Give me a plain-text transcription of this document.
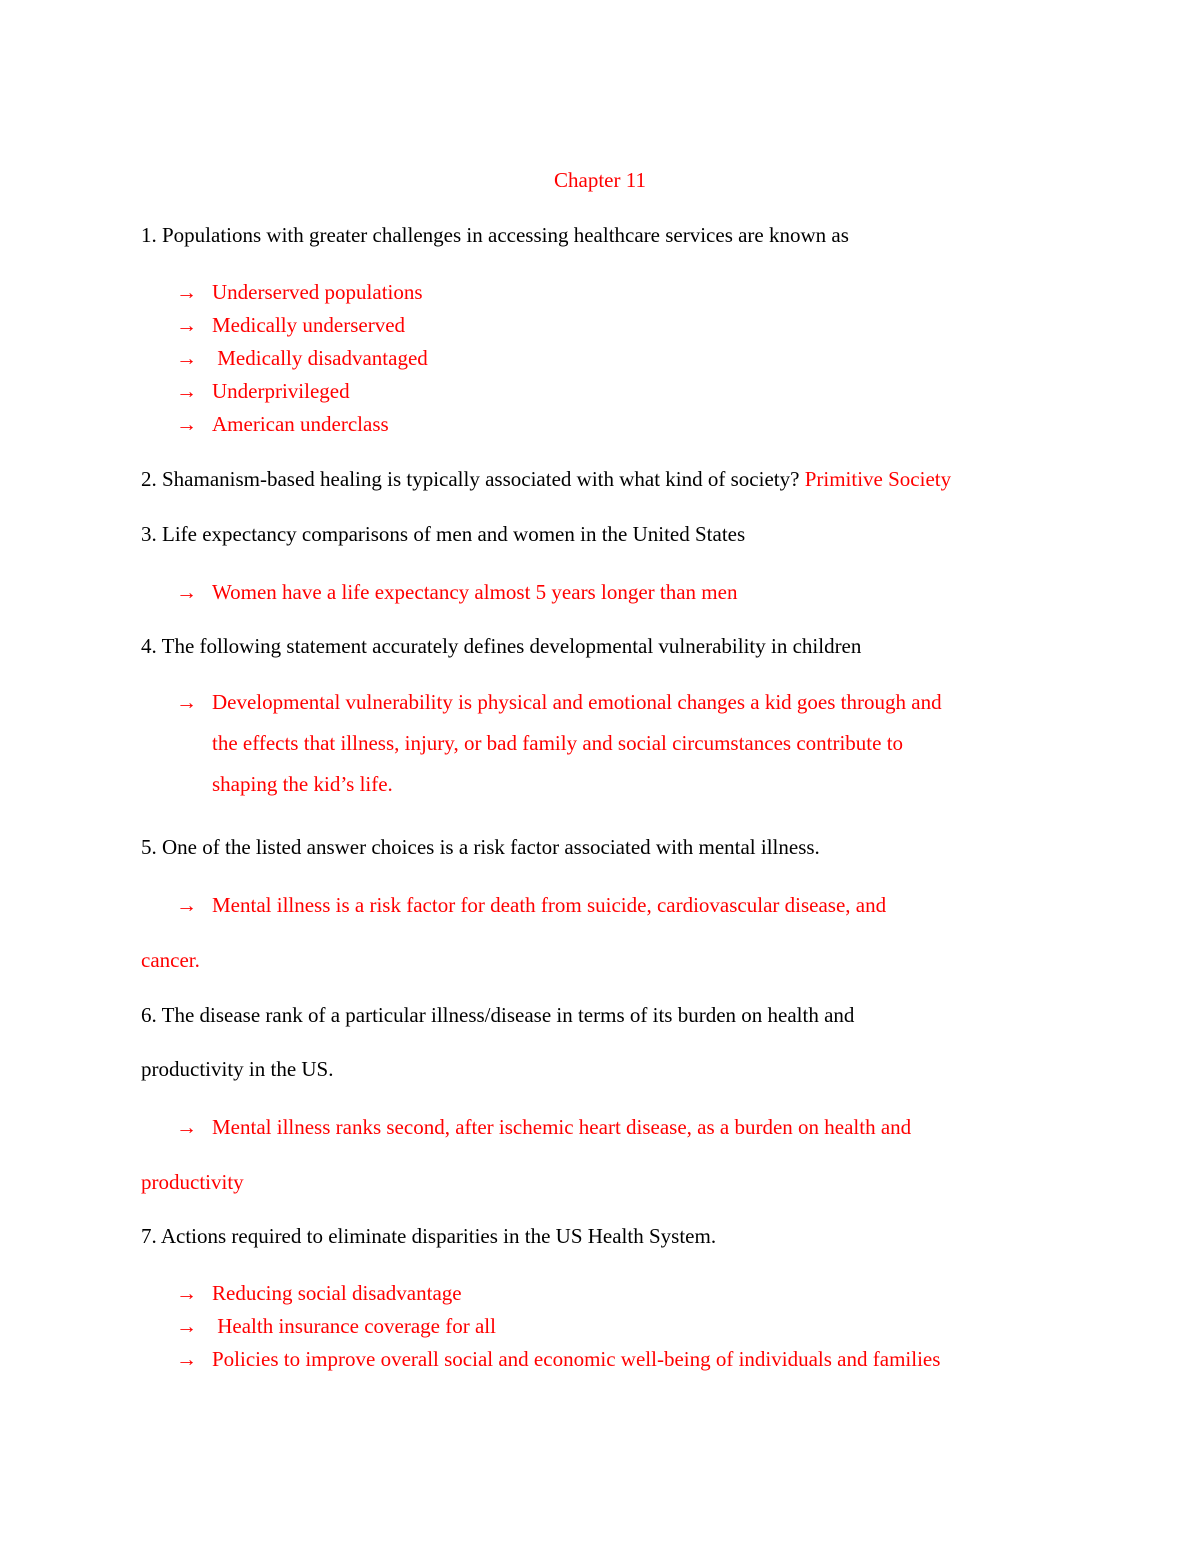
Chapter 11
1. Populations with greater challenges in accessing healthcare services are known as
→ Underserved populations
→ Medically underserved
→ Medically disadvantaged
→ Underprivileged
→ American underclass
2. Shamanism-based healing is typically associated with what kind of society? Primitive Society
3. Life expectancy comparisons of men and women in the United States
→ Women have a life expectancy almost 5 years longer than men
4. The following statement accurately defines developmental vulnerability in children
→ Developmental vulnerability is physical and emotional changes a kid goes through and
the effects that illness, injury, or bad family and social circumstances contribute to
shaping the kid’s life.
5. One of the listed answer choices is a risk factor associated with mental illness.
→ Mental illness is a risk factor for death from suicide, cardiovascular disease, and
cancer.
6. The disease rank of a particular illness/disease in terms of its burden on health and
productivity in the US.
→ Mental illness ranks second, after ischemic heart disease, as a burden on health and
productivity
7. Actions required to eliminate disparities in the US Health System.
→ Reducing social disadvantage
→ Health insurance coverage for all
→ Policies to improve overall social and economic well-being of individuals and families
